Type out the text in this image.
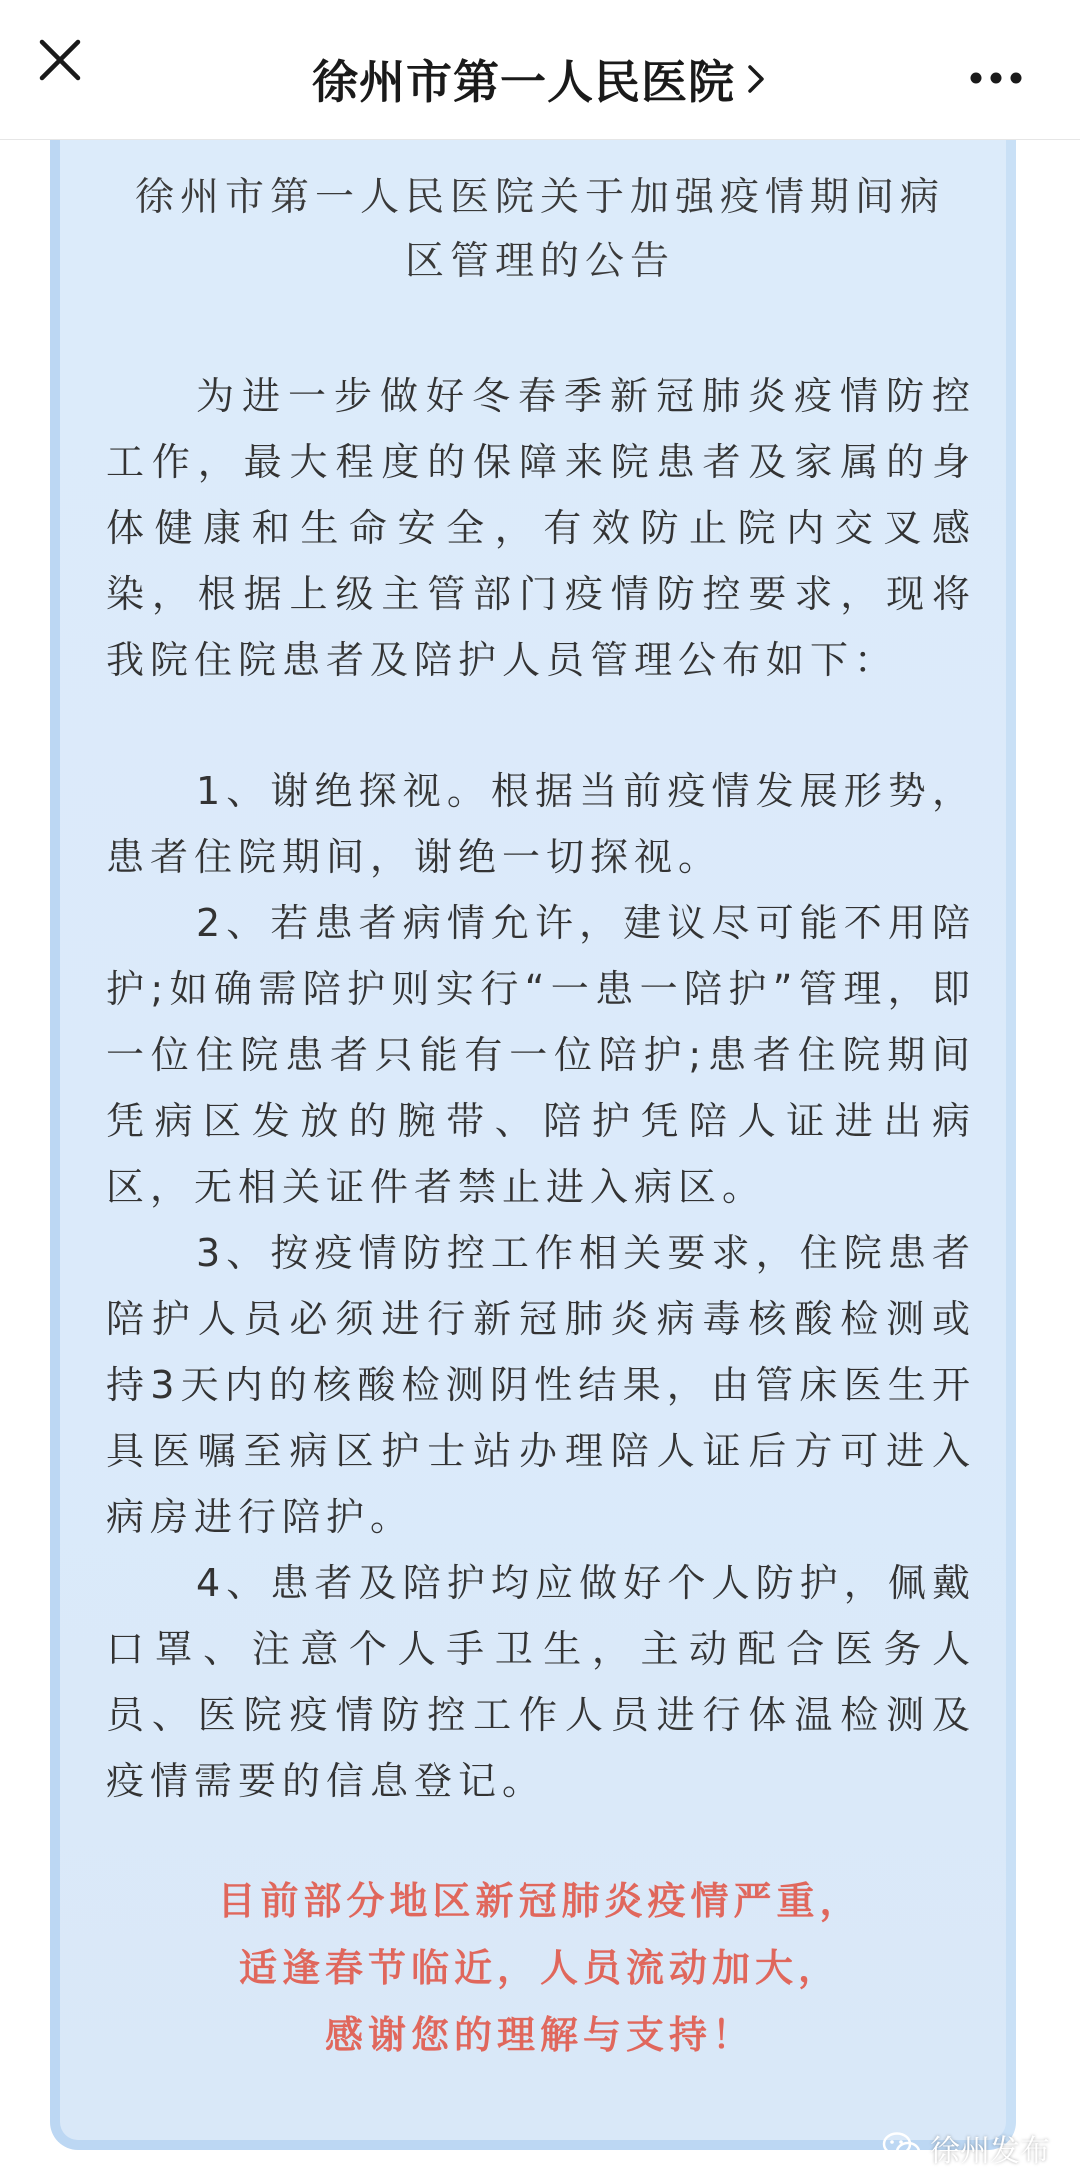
徐州市第一人民医院
徐州市第一人民医院关于加强疫情期间病
区管理的公告

为进一步做好冬春季新冠肺炎疫情防控工作，最大程度的保障来院患者及家属的身体健康和生命安全，有效防止院内交叉感染，根据上级主管部门疫情防控要求，现将我院住院患者及陪护人员管理公布如下：

1、谢绝探视。根据当前疫情发展形势，患者住院期间，谢绝一切探视。

2、若患者病情允许，建议尽可能不用陪护;如确需陪护则实行“一患一陪护”管理，即一位住院患者只能有一位陪护;患者住院期间凭病区发放的腕带、陪护凭陪人证进出病区，无相关证件者禁止进入病区。

3、按疫情防控工作相关要求，住院患者陪护人员必须进行新冠肺炎病毒核酸检测或持3天内的核酸检测阴性结果，由管床医生开具医嘱至病区护士站办理陪人证后方可进入病房进行陪护。

4、患者及陪护均应做好个人防护，佩戴口罩、注意个人手卫生，主动配合医务人员、医院疫情防控工作人员进行体温检测及疫情需要的信息登记。

目前部分地区新冠肺炎疫情严重，
适逢春节临近，人员流动加大，
感谢您的理解与支持！
徐州发布
